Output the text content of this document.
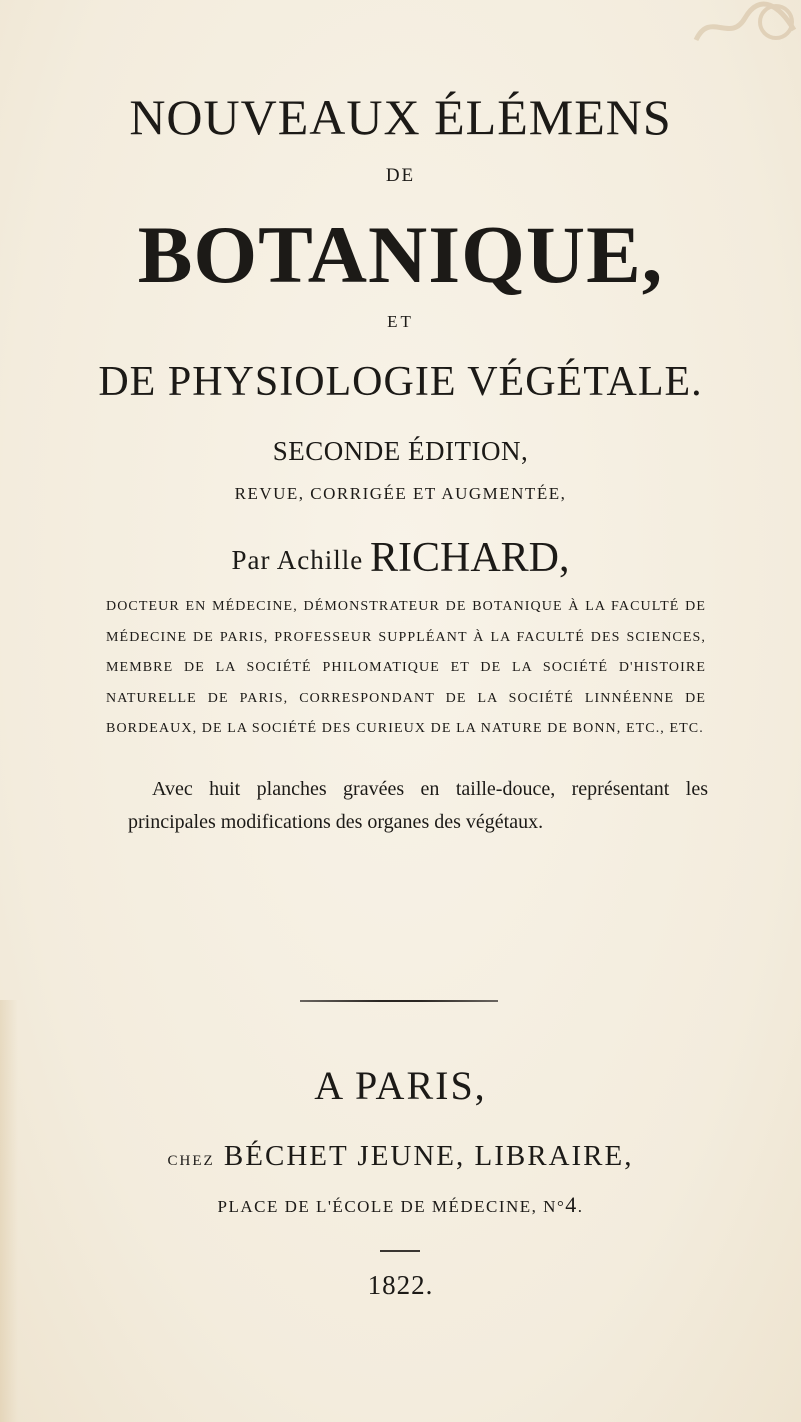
NOUVEAUX ÉLÉMENS
DE
BOTANIQUE,
ET
DE PHYSIOLOGIE VÉGÉTALE.
SECONDE ÉDITION,
REVUE, CORRIGÉE ET AUGMENTÉE,
Par Achille RICHARD,
DOCTEUR EN MÉDECINE, DÉMONSTRATEUR DE BOTANIQUE À LA FACULTÉ DE MÉDECINE DE PARIS, PROFESSEUR SUPPLÉANT À LA FACULTÉ DES SCIENCES, MEMBRE DE LA SOCIÉTÉ PHILOMATIQUE ET DE LA SOCIÉTÉ D'HISTOIRE NATURELLE DE PARIS, CORRESPONDANT DE LA SOCIÉTÉ LINNÉENNE DE BORDEAUX, DE LA SOCIÉTÉ DES CURIEUX DE LA NATURE DE BONN, ETC., ETC.
Avec huit planches gravées en taille-douce, représentant les principales modifications des organes des végétaux.
A PARIS,
CHEZ BÉCHET JEUNE, LIBRAIRE,
PLACE DE L'ÉCOLE DE MÉDECINE, N°4.
1822.
